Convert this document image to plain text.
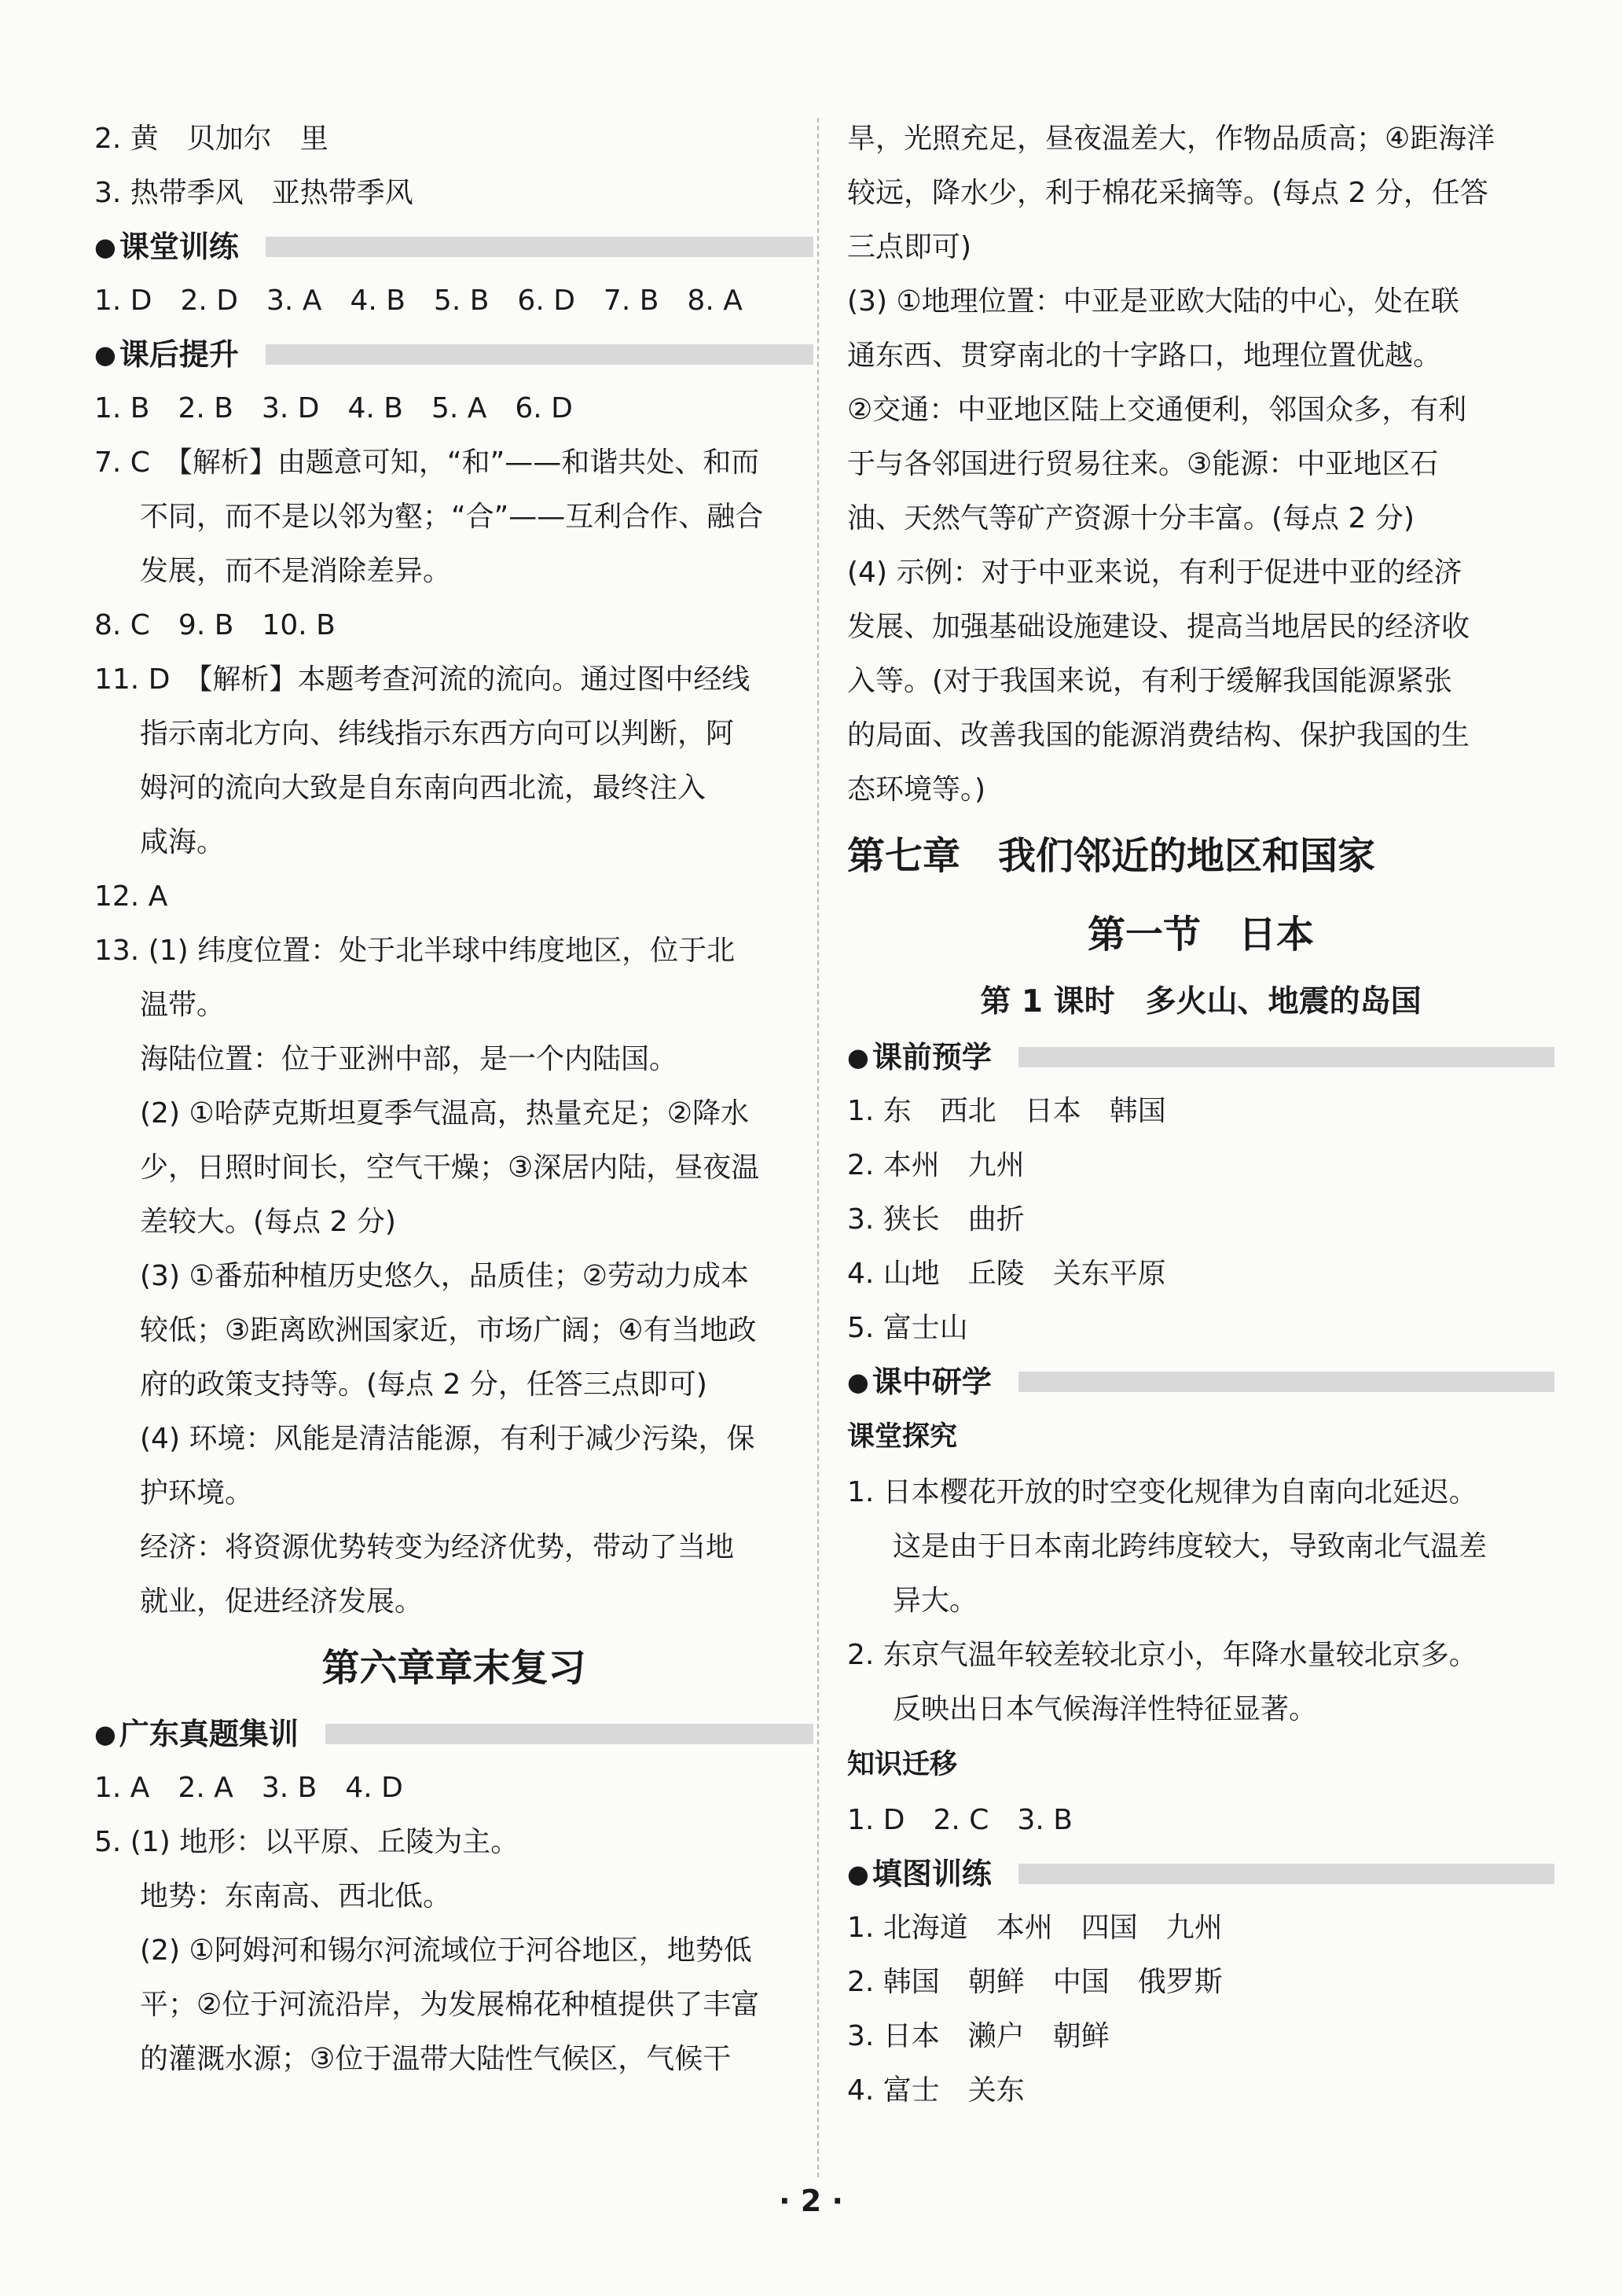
2. 黄　贝加尔　里
3. 热带季风　亚热带季风
● 课堂训练
1. D　2. D　3. A　4. B　5. B　6. D　7. B　8. A
● 课后提升
1. B　2. B　3. D　4. B　5. A　6. D
7. C　【解析】由题意可知，“和”——和谐共处、和而
不同，而不是以邻为壑；“合”——互利合作、融合
发展，而不是消除差异。
8. C　9. B　10. B
11. D　【解析】本题考查河流的流向。通过图中经线
指示南北方向、纬线指示东西方向可以判断，阿
姆河的流向大致是自东南向西北流，最终注入
咸海。
12. A
13. (1) 纬度位置：处于北半球中纬度地区，位于北
温带。
海陆位置：位于亚洲中部，是一个内陆国。
(2) ①哈萨克斯坦夏季气温高，热量充足；②降水
少，日照时间长，空气干燥；③深居内陆，昼夜温
差较大。(每点 2 分)
(3) ①番茄种植历史悠久，品质佳；②劳动力成本
较低；③距离欧洲国家近，市场广阔；④有当地政
府的政策支持等。(每点 2 分，任答三点即可)
(4) 环境：风能是清洁能源，有利于减少污染，保
护环境。
经济：将资源优势转变为经济优势，带动了当地
就业，促进经济发展。
第六章章末复习
● 广东真题集训
1. A　2. A　3. B　4. D
5. (1) 地形：以平原、丘陵为主。
地势：东南高、西北低。
(2) ①阿姆河和锡尔河流域位于河谷地区，地势低
平；②位于河流沿岸，为发展棉花种植提供了丰富
的灌溉水源；③位于温带大陆性气候区，气候干
旱，光照充足，昼夜温差大，作物品质高；④距海洋
较远，降水少，利于棉花采摘等。(每点 2 分，任答
三点即可)
(3) ①地理位置：中亚是亚欧大陆的中心，处在联
通东西、贯穿南北的十字路口，地理位置优越。
②交通：中亚地区陆上交通便利，邻国众多，有利
于与各邻国进行贸易往来。③能源：中亚地区石
油、天然气等矿产资源十分丰富。(每点 2 分)
(4) 示例：对于中亚来说，有利于促进中亚的经济
发展、加强基础设施建设、提高当地居民的经济收
入等。(对于我国来说，有利于缓解我国能源紧张
的局面、改善我国的能源消费结构、保护我国的生
态环境等。)
第七章　我们邻近的地区和国家
第一节　日本
第 1 课时　多火山、地震的岛国
● 课前预学
1. 东　西北　日本　韩国
2. 本州　九州
3. 狭长　曲折
4. 山地　丘陵　关东平原
5. 富士山
● 课中研学
课堂探究
1. 日本樱花开放的时空变化规律为自南向北延迟。
这是由于日本南北跨纬度较大，导致南北气温差
异大。
2. 东京气温年较差较北京小，年降水量较北京多。
反映出日本气候海洋性特征显著。
知识迁移
1. D　2. C　3. B
● 填图训练
1. 北海道　本州　四国　九州
2. 韩国　朝鲜　中国　俄罗斯
3. 日本　濑户　朝鲜
4. 富士　关东
· 2 ·
